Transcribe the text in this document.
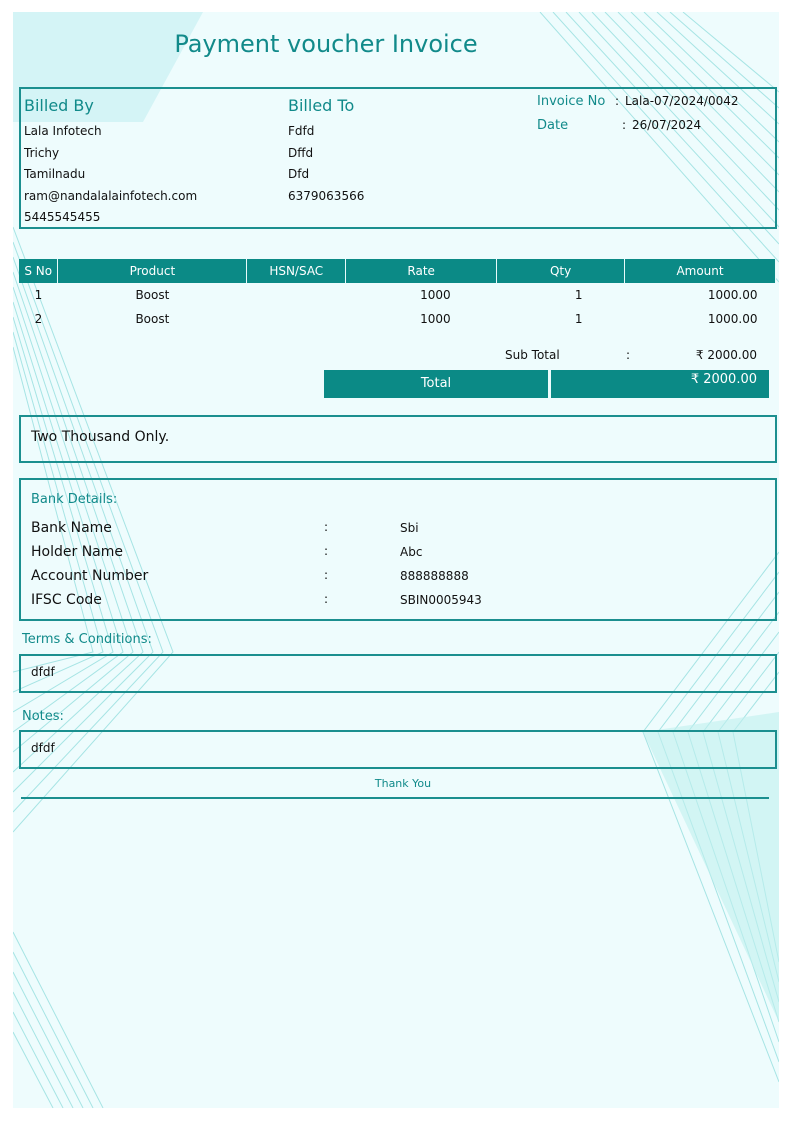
Payment voucher Invoice
Billed By
Lala Infotech
Trichy
Tamilnadu
ram@nandalalainfotech.com
5445545455
Billed To
Fdfd
Dffd
Dfd
6379063566
Invoice No : Lala-07/2024/0042
Date	: 26/07/2024
S No	Product	HSN/SAC	Rate	Qty	Amount
1	Boost		1000	1	1000.00
2	Boost		1000	1	1000.00
Sub Total	:	₹ 2000.00
Total	₹ 2000.00
Two Thousand Only.
Bank Details:
Bank Name	:	Sbi
Holder Name	:	Abc
Account Number	:	888888888
IFSC Code	:	SBIN0005943
Terms & Conditions:
dfdf
Notes:
dfdf
Thank You
